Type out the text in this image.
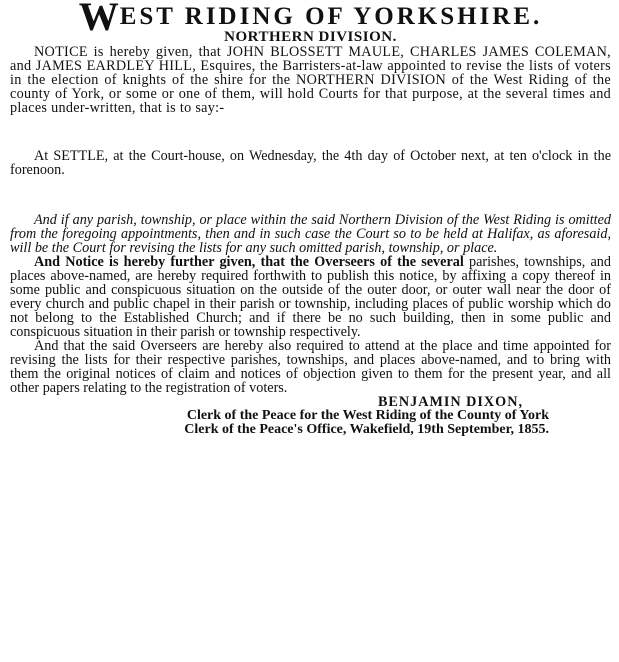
WEST RIDING OF YORKSHIRE.
NORTHERN DIVISION.

NOTICE is hereby given, that JOHN BLOSSETT MAULE, CHARLES JAMES COLEMAN, and JAMES EARDLEY HILL, Esquires, the Barristers-at-law appointed to revise the lists of voters in the election of knights of the shire for the NORTHERN DIVISION of the West Riding of the county of York, or some or one of them, will hold Courts for that purpose, at the several times and places under-written, that is to say:-

At SETTLE, at the Court-house, on Wednesday, the 4th day of October next, at ten o'clock in the forenoon.

And if any parish, township, or place within the said Northern Division of the West Riding is omitted from the foregoing appointments, then and in such case the Court so to be held at Halifax, as aforesaid, will be the Court for revising the lists for any such omitted parish, township, or place.

And Notice is hereby further given, that the Overseers of the several parishes, townships, and places above-named, are hereby required forthwith to publish this notice, by affixing a copy thereof in some public and conspicuous situation on the outside of the outer door, or outer wall near the door of every church and public chapel in their parish or township, including places of public worship which do not belong to the Established Church; and if there be no such building, then in some public and conspicuous situation in their parish or township respectively.

And that the said Overseers are hereby also required to attend at the place and time appointed for revising the lists for their respective parishes, townships, and places above-named, and to bring with them the original notices of claim and notices of objection given to them for the present year, and all other papers relating to the registration of voters.

BENJAMIN DIXON,

Clerk of the Peace for the West Riding of the County of York

Clerk of the Peace's Office, Wakefield, 19th September, 1855.
